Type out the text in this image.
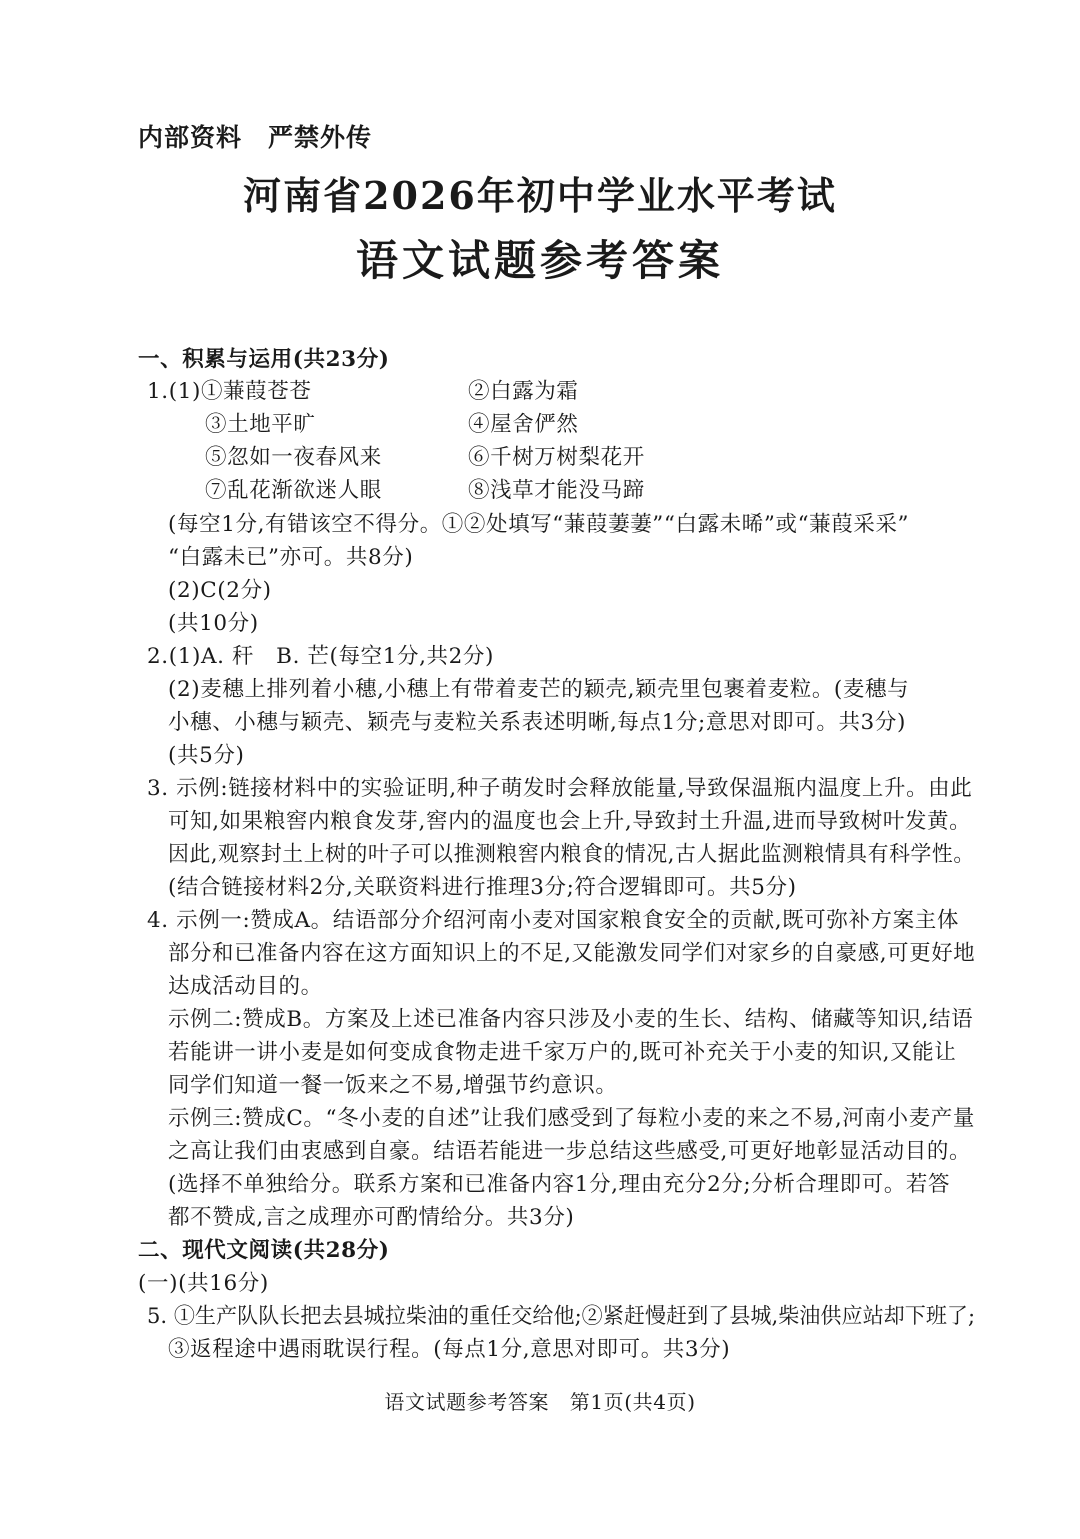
内部资料　严禁外传
河南省2026年初中学业水平考试
语文试题参考答案
一、积累与运用(共23分)
1.(1)①蒹葭苍苍	②白露为霜
③土地平旷	④屋舍俨然
⑤忽如一夜春风来	⑥千树万树梨花开
⑦乱花渐欲迷人眼	⑧浅草才能没马蹄
(每空1分,有错该空不得分。①②处填写“蒹葭萋萋”“白露未晞”或“蒹葭采采”
“白露未已”亦可。共8分)
(2)C(2分)
(共10分)
2.(1)A. 秆　B. 芒(每空1分,共2分)
(2)麦穗上排列着小穗,小穗上有带着麦芒的颖壳,颖壳里包裹着麦粒。(麦穗与
小穗、小穗与颖壳、颖壳与麦粒关系表述明晰,每点1分;意思对即可。共3分)
(共5分)
3. 示例:链接材料中的实验证明,种子萌发时会释放能量,导致保温瓶内温度上升。由此
可知,如果粮窖内粮食发芽,窖内的温度也会上升,导致封土升温,进而导致树叶发黄。
因此,观察封土上树的叶子可以推测粮窖内粮食的情况,古人据此监测粮情具有科学性。
(结合链接材料2分,关联资料进行推理3分;符合逻辑即可。共5分)
4. 示例一:赞成A。结语部分介绍河南小麦对国家粮食安全的贡献,既可弥补方案主体
部分和已准备内容在这方面知识上的不足,又能激发同学们对家乡的自豪感,可更好地
达成活动目的。
示例二:赞成B。方案及上述已准备内容只涉及小麦的生长、结构、储藏等知识,结语
若能讲一讲小麦是如何变成食物走进千家万户的,既可补充关于小麦的知识,又能让
同学们知道一餐一饭来之不易,增强节约意识。
示例三:赞成C。“冬小麦的自述”让我们感受到了每粒小麦的来之不易,河南小麦产量
之高让我们由衷感到自豪。结语若能进一步总结这些感受,可更好地彰显活动目的。
(选择不单独给分。联系方案和已准备内容1分,理由充分2分;分析合理即可。若答
都不赞成,言之成理亦可酌情给分。共3分)
二、现代文阅读(共28分)
(一)(共16分)
5. ①生产队队长把去县城拉柴油的重任交给他;②紧赶慢赶到了县城,柴油供应站却下班了;
③返程途中遇雨耽误行程。(每点1分,意思对即可。共3分)
语文试题参考答案　第1页(共4页)
